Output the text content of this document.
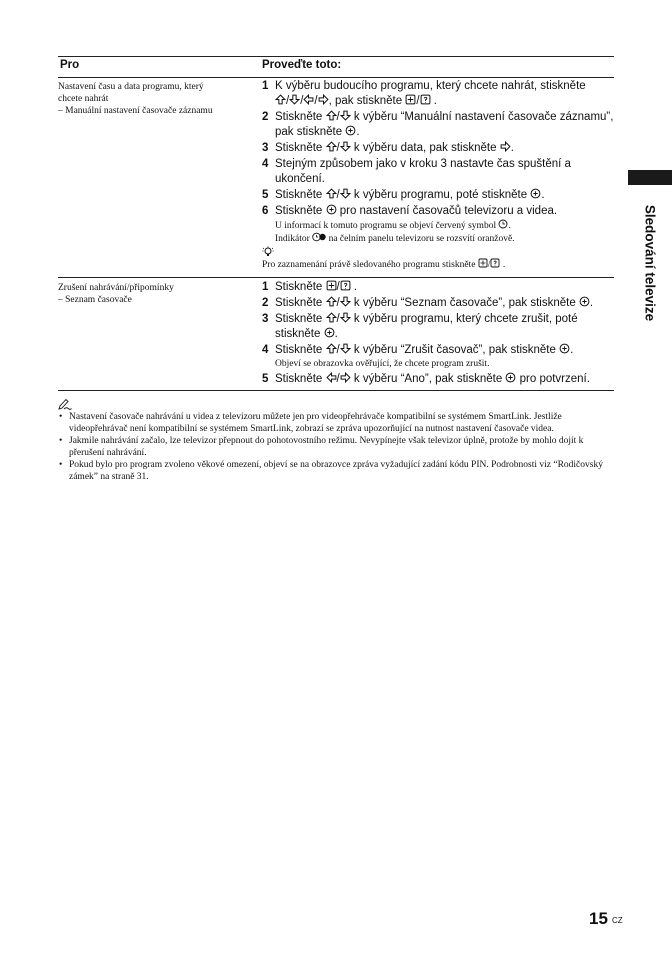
Pro	Proveďte toto:
Nastavení času a data programu, který
chcete nahrát
– Manuální nastavení časovače záznamu
1 K výběru budoucího programu, který chcete nahrát, stiskněte
/ / / , pak stiskněte / .
2 Stiskněte / k výběru “Manuální nastavení časovače záznamu”, pak stiskněte .
3 Stiskněte / k výběru data, pak stiskněte .
4 Stejným způsobem jako v kroku 3 nastavte čas spuštění a ukončení.
5 Stiskněte / k výběru programu, poté stiskněte .
6 Stiskněte pro nastavení časovačů televizoru a videa.
U informací k tomuto programu se objeví červený symbol .
Indikátor na čelním panelu televizoru se rozsvítí oranžově.
Pro zaznamenání právě sledovaného programu stiskněte / .
Zrušení nahrávání/připomínky
– Seznam časovače
1 Stiskněte / .
2 Stiskněte / k výběru “Seznam časovače”, pak stiskněte .
3 Stiskněte / k výběru programu, který chcete zrušit, poté stiskněte .
4 Stiskněte / k výběru “Zrušit časovač”, pak stiskněte .
Objeví se obrazovka ověřující, že chcete program zrušit.
5 Stiskněte / k výběru “Ano”, pak stiskněte pro potvrzení.
• Nastavení časovače nahrávání u videa z televizoru můžete jen pro videopřehrávače kompatibilní se systémem SmartLink. Jestliže videopřehrávač není kompatibilní se systémem SmartLink, zobrazí se zpráva upozorňující na nutnost nastavení časovače videa.
• Jakmile nahrávání začalo, lze televizor přepnout do pohotovostního režimu. Nevypínejte však televizor úplně, protože by mohlo dojít k přerušení nahrávání.
• Pokud bylo pro program zvoleno věkové omezení, objeví se na obrazovce zpráva vyžadující zadání kódu PIN. Podrobnosti viz “Rodičovský zámek” na straně 31.
Sledování televize
15 CZ
